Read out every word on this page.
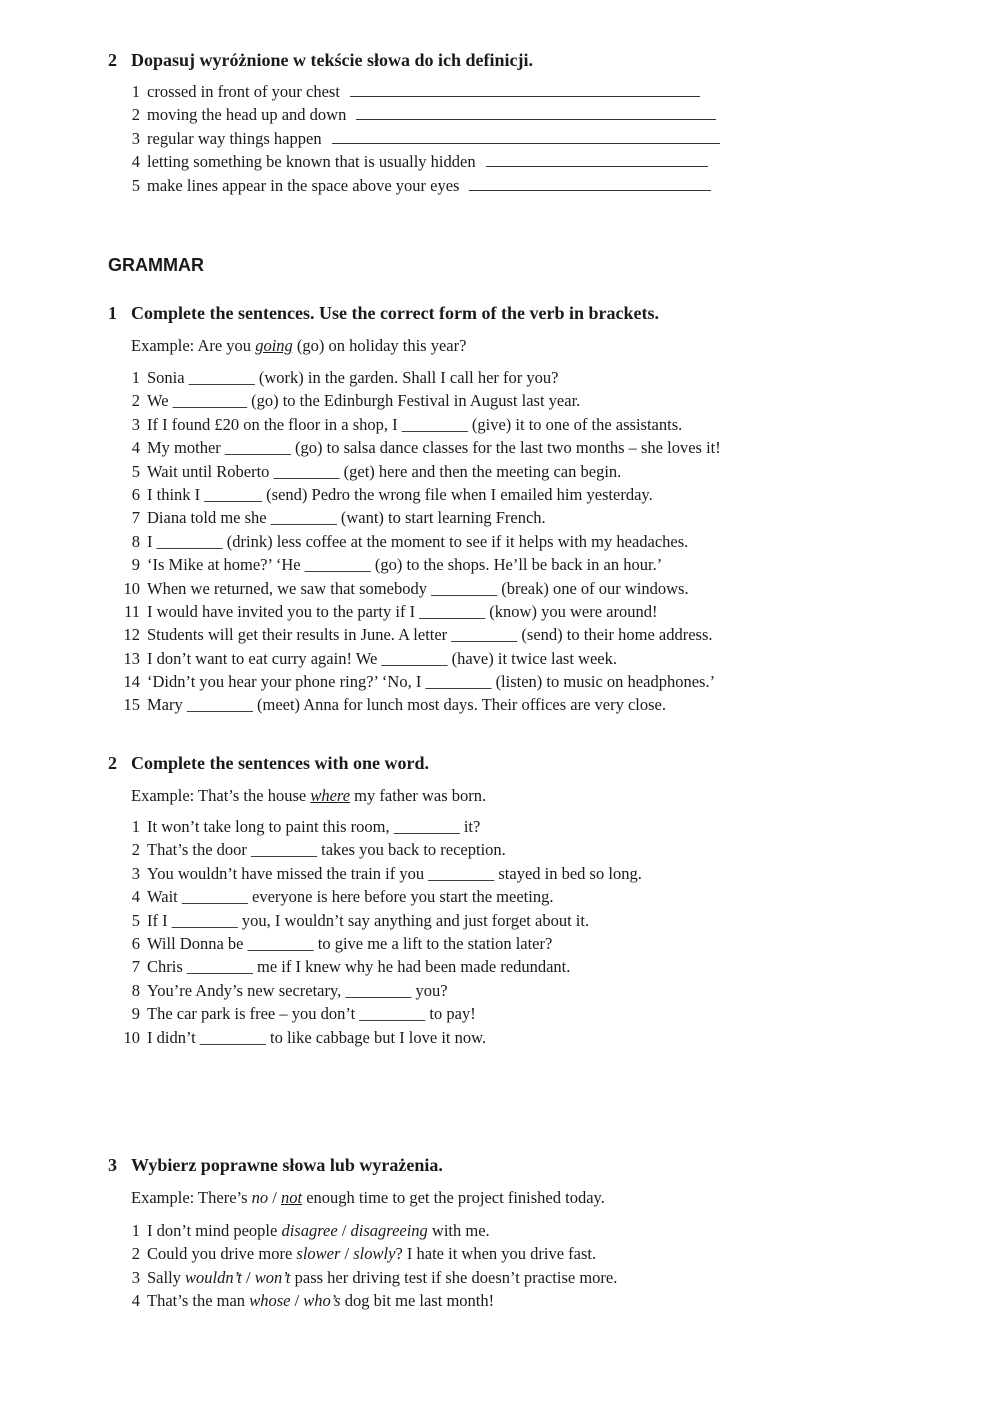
2 Dopasuj wyróżnione w tekście słowa do ich definicji.
1 crossed in front of your chest
2 moving the head up and down
3 regular way things happen
4 letting something be known that is usually hidden
5 make lines appear in the space above your eyes
GRAMMAR
1 Complete the sentences. Use the correct form of the verb in brackets.
Example: Are you going (go) on holiday this year?
1 Sonia ________ (work) in the garden. Shall I call her for you?
2 We _________ (go) to the Edinburgh Festival in August last year.
3 If I found £20 on the floor in a shop, I ________ (give) it to one of the assistants.
4 My mother ________ (go) to salsa dance classes for the last two months – she loves it!
5 Wait until Roberto ________ (get) here and then the meeting can begin.
6 I think I _______ (send) Pedro the wrong file when I emailed him yesterday.
7 Diana told me she ________ (want) to start learning French.
8 I ________ (drink) less coffee at the moment to see if it helps with my headaches.
9 ‘Is Mike at home?’ ‘He ________ (go) to the shops. He’ll be back in an hour.’
10 When we returned, we saw that somebody ________ (break) one of our windows.
11 I would have invited you to the party if I ________ (know) you were around!
12 Students will get their results in June. A letter ________ (send) to their home address.
13 I don’t want to eat curry again! We ________ (have) it twice last week.
14 ‘Didn’t you hear your phone ring?’ ‘No, I ________ (listen) to music on headphones.’
15 Mary ________ (meet) Anna for lunch most days. Their offices are very close.
2 Complete the sentences with one word.
Example: That’s the house where my father was born.
1 It won’t take long to paint this room, ________ it?
2 That’s the door ________ takes you back to reception.
3 You wouldn’t have missed the train if you ________ stayed in bed so long.
4 Wait ________ everyone is here before you start the meeting.
5 If I ________ you, I wouldn’t say anything and just forget about it.
6 Will Donna be ________ to give me a lift to the station later?
7 Chris ________ me if I knew why he had been made redundant.
8 You’re Andy’s new secretary, ________ you?
9 The car park is free – you don’t ________ to pay!
10 I didn’t ________ to like cabbage but I love it now.
3 Wybierz poprawne słowa lub wyrażenia.
Example: There’s no / not enough time to get the project finished today.
1 I don’t mind people disagree / disagreeing with me.
2 Could you drive more slower / slowly? I hate it when you drive fast.
3 Sally wouldn’t / won’t pass her driving test if she doesn’t practise more.
4 That’s the man whose / who’s dog bit me last month!
